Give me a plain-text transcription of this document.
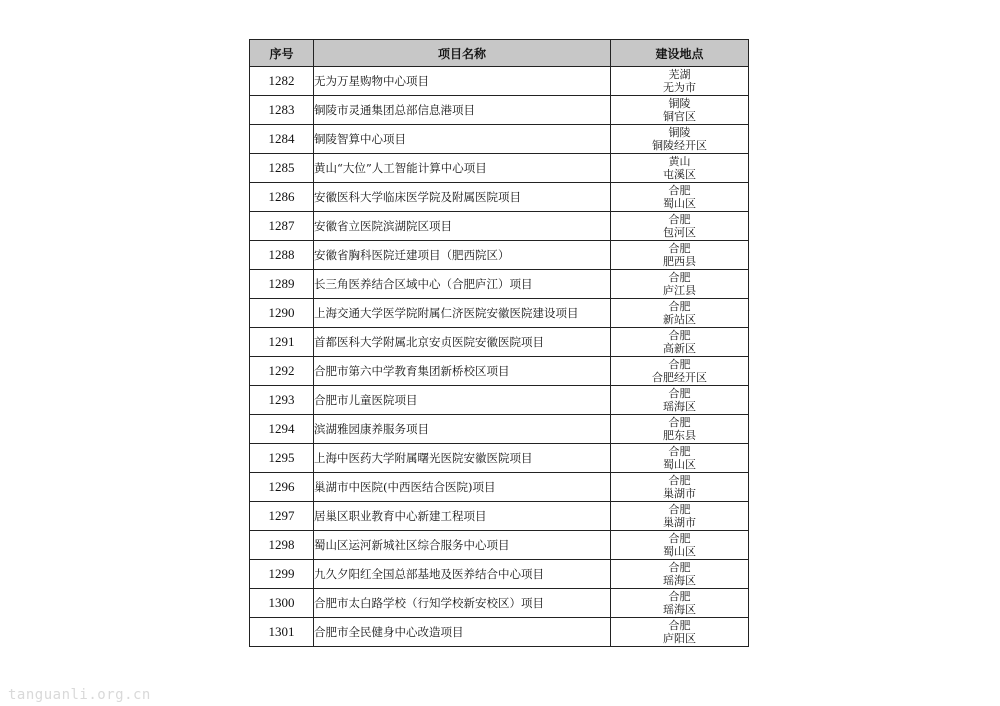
序号	项目名称	建设地点
1282	无为万星购物中心项目	芜湖
无为市

1283	铜陵市灵通集团总部信息港项目	铜陵
铜官区

1284	铜陵智算中心项目	铜陵
铜陵经开区

1285	黄山“大位”人工智能计算中心项目	黄山
屯溪区

1286	安徽医科大学临床医学院及附属医院项目	合肥
蜀山区

1287	安徽省立医院滨湖院区项目	合肥
包河区

1288	安徽省胸科医院迁建项目（肥西院区）	合肥
肥西县

1289	长三角医养结合区域中心（合肥庐江）项目	合肥
庐江县

1290	上海交通大学医学院附属仁济医院安徽医院建设项目	合肥
新站区

1291	首都医科大学附属北京安贞医院安徽医院项目	合肥
高新区

1292	合肥市第六中学教育集团新桥校区项目	合肥
合肥经开区

1293	合肥市儿童医院项目	合肥
瑶海区

1294	滨湖雅园康养服务项目	合肥
肥东县

1295	上海中医药大学附属曙光医院安徽医院项目	合肥
蜀山区

1296	巢湖市中医院(中西医结合医院)项目	合肥
巢湖市

1297	居巢区职业教育中心新建工程项目	合肥
巢湖市

1298	蜀山区运河新城社区综合服务中心项目	合肥
蜀山区

1299	九久夕阳红全国总部基地及医养结合中心项目	合肥
瑶海区

1300	合肥市太白路学校（行知学校新安校区）项目	合肥
瑶海区

1301	合肥市全民健身中心改造项目	合肥
庐阳区
tanguanli.org.cn
